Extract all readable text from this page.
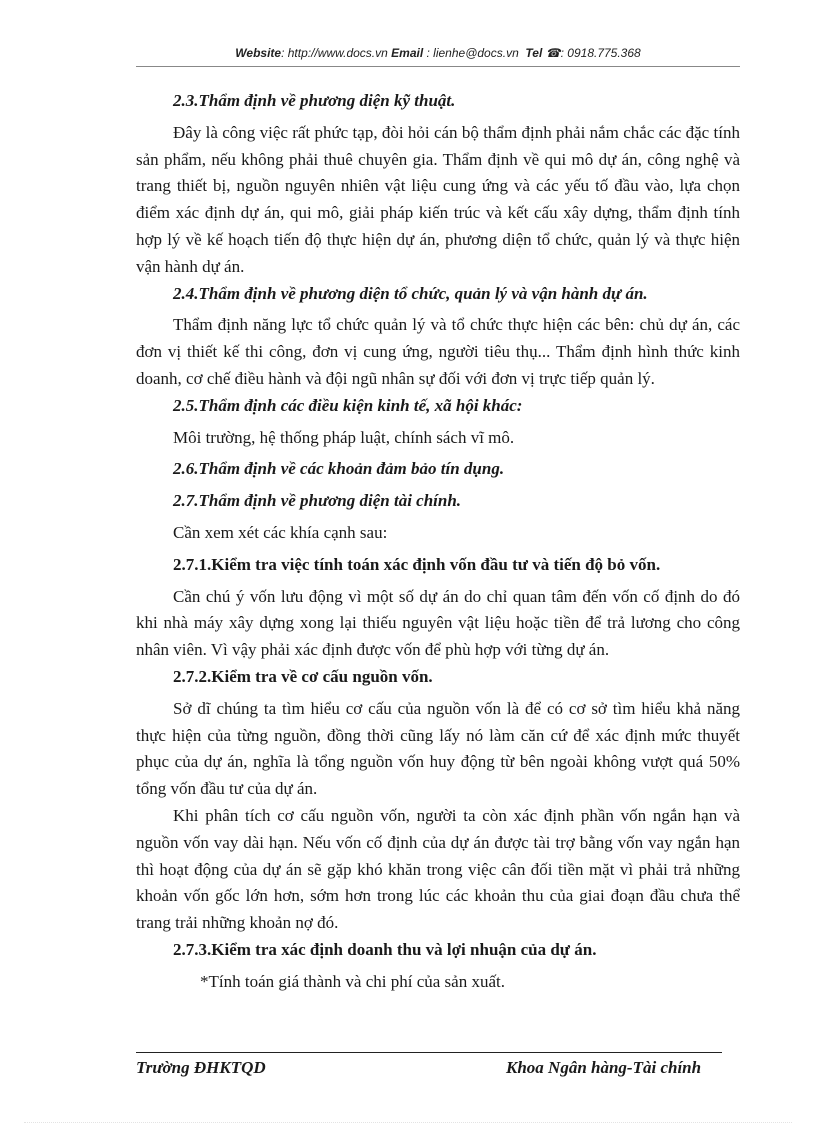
Website: http://www.docs.vn Email : lienhe@docs.vn Tel ☎: 0918.775.368

2.3.Thẩm định về phương diện kỹ thuật.

Đây là công việc rất phức tạp, đòi hỏi cán bộ thẩm định phải nắm chắc các đặc tính sản phẩm, nếu không phải thuê chuyên gia. Thẩm định về qui mô dự án, công nghệ và trang thiết bị, nguồn nguyên nhiên vật liệu cung ứng và các yếu tố đầu vào, lựa chọn điểm xác định dự án, qui mô, giải pháp kiến trúc và kết cấu xây dựng, thẩm định tính hợp lý về kế hoạch tiến độ thực hiện dự án, phương diện tổ chức, quản lý và thực hiện vận hành dự án.

2.4.Thẩm định về phương diện tổ chức, quản lý và vận hành dự án.

Thẩm định năng lực tổ chức quản lý và tổ chức thực hiện các bên: chủ dự án, các đơn vị thiết kế thi công, đơn vị cung ứng, người tiêu thụ... Thẩm định hình thức kinh doanh, cơ chế điều hành và đội ngũ nhân sự đối với đơn vị trực tiếp quản lý.

2.5.Thẩm định các điều kiện kinh tế, xã hội khác:

Môi trường, hệ thống pháp luật, chính sách vĩ mô.

2.6.Thẩm định về các khoản đảm bảo tín dụng.

2.7.Thẩm định về phương diện tài chính.

Cần xem xét các khía cạnh sau:

2.7.1.Kiểm tra việc tính toán xác định vốn đầu tư và tiến độ bỏ vốn.

Cần chú ý vốn lưu động vì một số dự án do chỉ quan tâm đến vốn cố định do đó khi nhà máy xây dựng xong lại thiếu nguyên vật liệu hoặc tiền để trả lương cho công nhân viên. Vì vậy phải xác định được vốn để phù hợp với từng dự án.

2.7.2.Kiểm tra về cơ cấu nguồn vốn.

Sở dĩ chúng ta tìm hiểu cơ cấu của nguồn vốn là để có cơ sở tìm hiểu khả năng thực hiện của từng nguồn, đồng thời cũng lấy nó làm căn cứ để xác định mức thuyết phục của dự án, nghĩa là tổng nguồn vốn huy động từ bên ngoài không vượt quá 50% tổng vốn đầu tư của dự án.

Khi phân tích cơ cấu nguồn vốn, người ta còn xác định phần vốn ngắn hạn và nguồn vốn vay dài hạn. Nếu vốn cố định của dự án được tài trợ bằng vốn vay ngắn hạn thì hoạt động của dự án sẽ gặp khó khăn trong việc cân đối tiền mặt vì phải trả những khoản vốn gốc lớn hơn, sớm hơn trong lúc các khoản thu của giai đoạn đầu chưa thể trang trải những khoản nợ đó.

2.7.3.Kiểm tra xác định doanh thu và lợi nhuận của dự án.

*Tính toán giá thành và chi phí của sản xuất.

Trường ĐHKTQD	Khoa Ngân hàng-Tài chính
